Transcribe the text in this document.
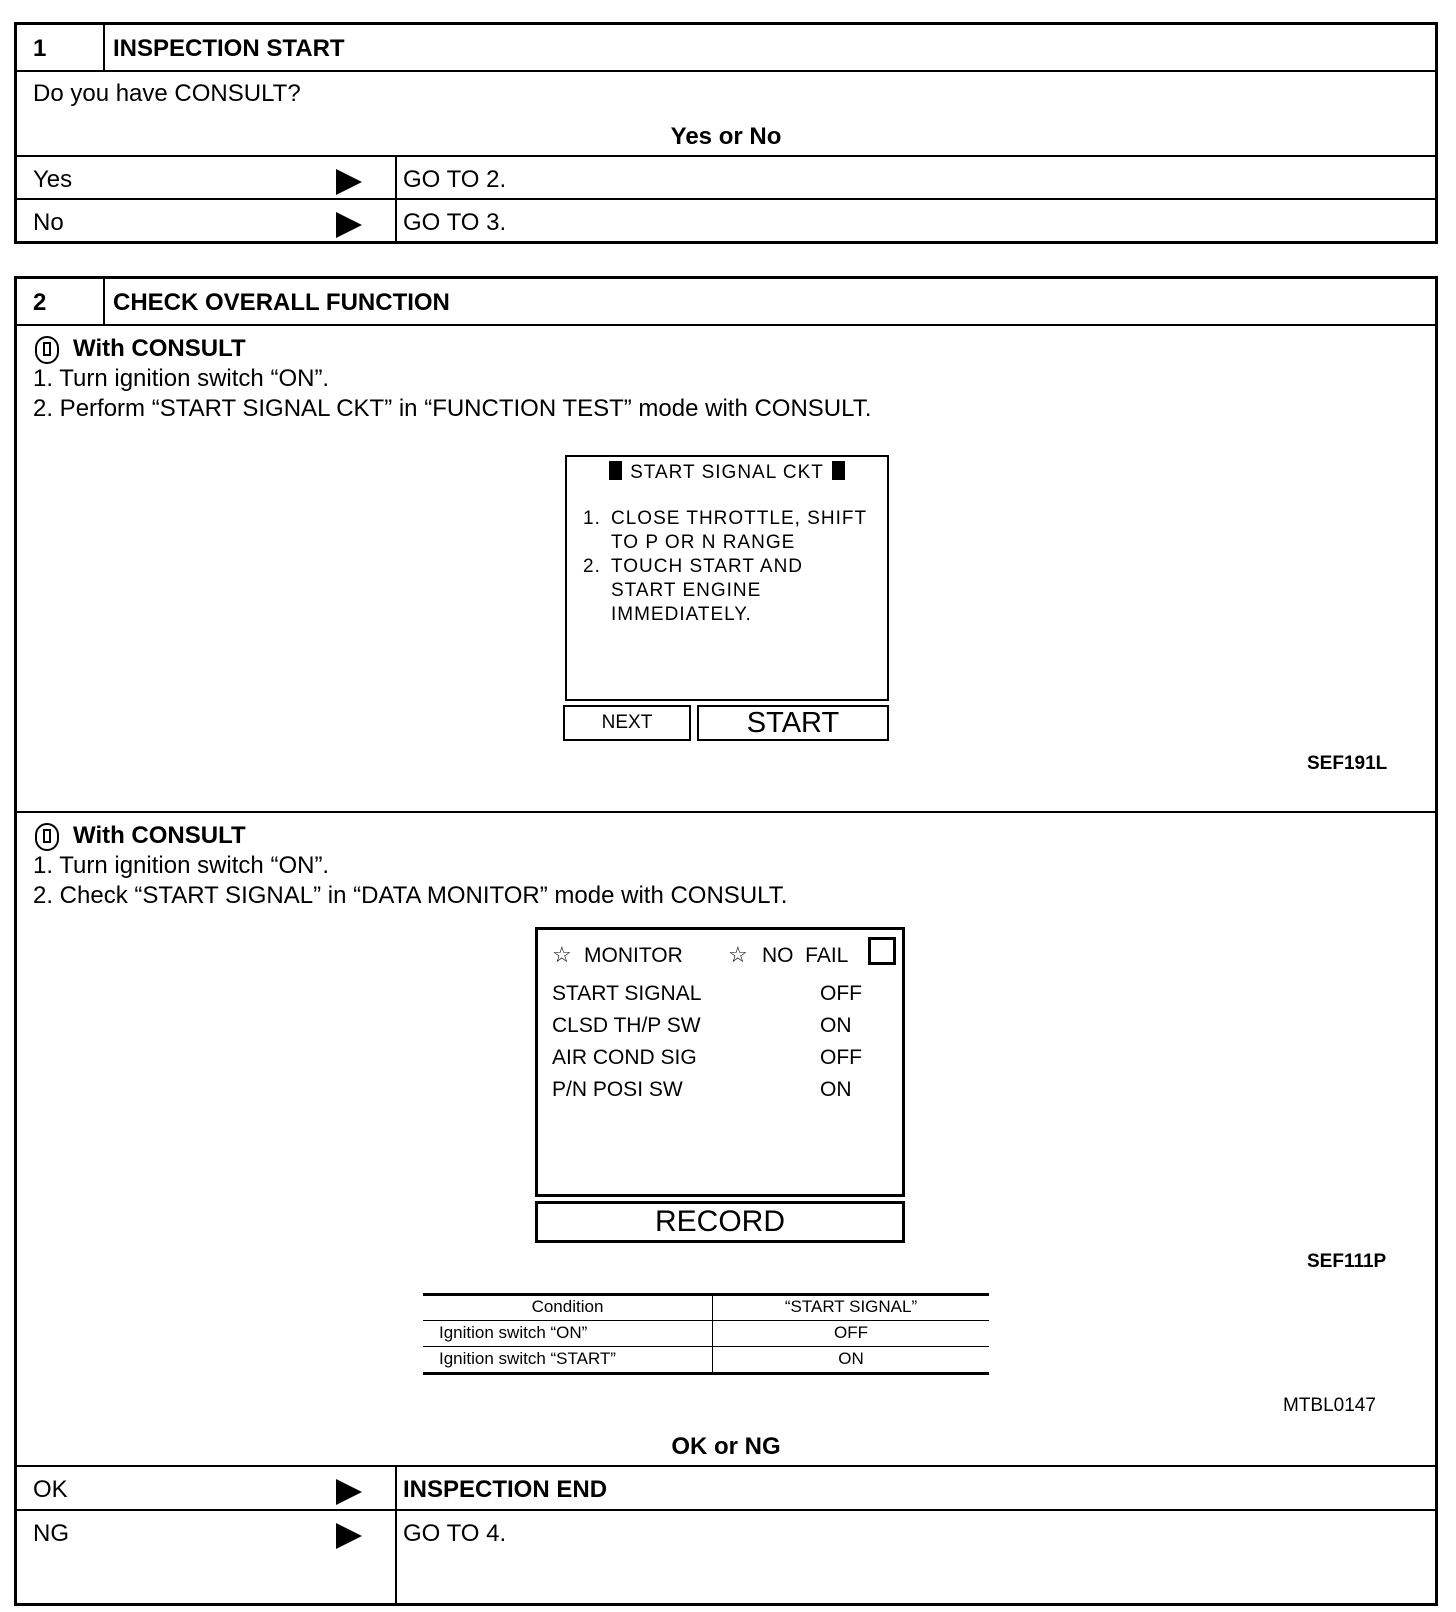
1	INSPECTION START
Do you have CONSULT?
Yes or No
Yes	GO TO 2.
No	GO TO 3.
2	CHECK OVERALL FUNCTION
With CONSULT
1. Turn ignition switch “ON”.
2. Perform “START SIGNAL CKT” in “FUNCTION TEST” mode with CONSULT.
START SIGNAL CKT
1. CLOSE THROTTLE, SHIFT
TO P OR N RANGE
2. TOUCH START AND
START ENGINE
IMMEDIATELY.
NEXT	START
SEF191L
With CONSULT
1. Turn ignition switch “ON”.
2. Check “START SIGNAL” in “DATA MONITOR” mode with CONSULT.
☆ MONITOR ☆ NO  FAIL
START SIGNAL	OFF
CLSD TH/P SW	ON
AIR COND SIG	OFF
P/N POSI SW	ON
RECORD
SEF111P
Condition	“START SIGNAL”
Ignition switch “ON”	OFF
Ignition switch “START”	ON
MTBL0147
OK or NG
OK	INSPECTION END
NG	GO TO 4.
